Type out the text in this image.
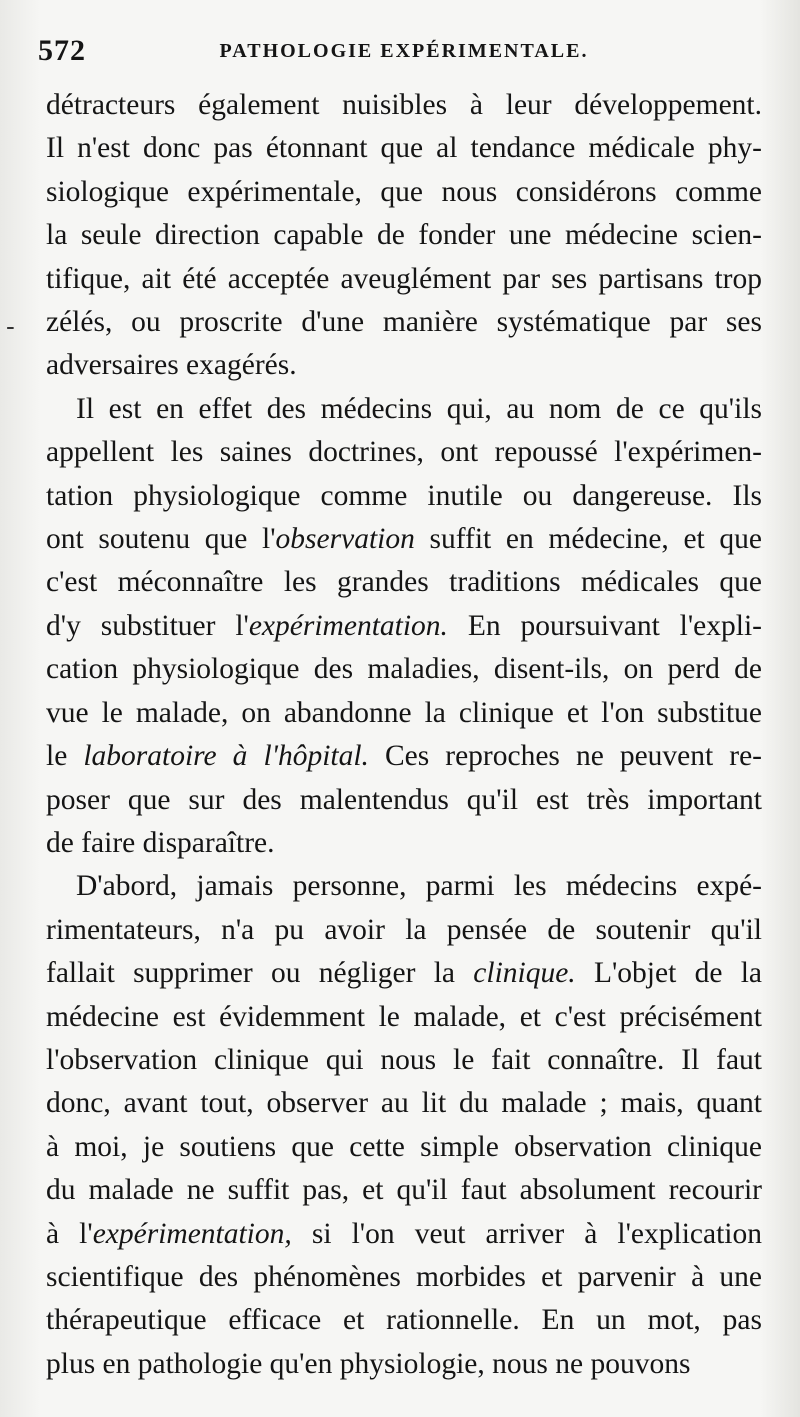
572	PATHOLOGIE EXPÉRIMENTALE.
-
détracteurs également nuisibles à leur développement.
Il n'est donc pas étonnant que al tendance médicale phy-
siologique expérimentale, que nous considérons comme
la seule direction capable de fonder une médecine scien-
tifique, ait été acceptée aveuglément par ses partisans trop
zélés, ou proscrite d'une manière systématique par ses
adversaires exagérés.
Il est en effet des médecins qui, au nom de ce qu'ils
appellent les saines doctrines, ont repoussé l'expérimen-
tation physiologique comme inutile ou dangereuse. Ils
ont soutenu que l'observation suffit en médecine, et que
c'est méconnaître les grandes traditions médicales que
d'y substituer l'expérimentation. En poursuivant l'expli-
cation physiologique des maladies, disent-ils, on perd de
vue le malade, on abandonne la clinique et l'on substitue
le laboratoire à l'hôpital. Ces reproches ne peuvent re-
poser que sur des malentendus qu'il est très important
de faire disparaître.
D'abord, jamais personne, parmi les médecins expé-
rimentateurs, n'a pu avoir la pensée de soutenir qu'il
fallait supprimer ou négliger la clinique. L'objet de la
médecine est évidemment le malade, et c'est précisément
l'observation clinique qui nous le fait connaître. Il faut
donc, avant tout, observer au lit du malade ; mais, quant
à moi, je soutiens que cette simple observation clinique
du malade ne suffit pas, et qu'il faut absolument recourir
à l'expérimentation, si l'on veut arriver à l'explication
scientifique des phénomènes morbides et parvenir à une
thérapeutique efficace et rationnelle. En un mot, pas
plus en pathologie qu'en physiologie, nous ne pouvons
